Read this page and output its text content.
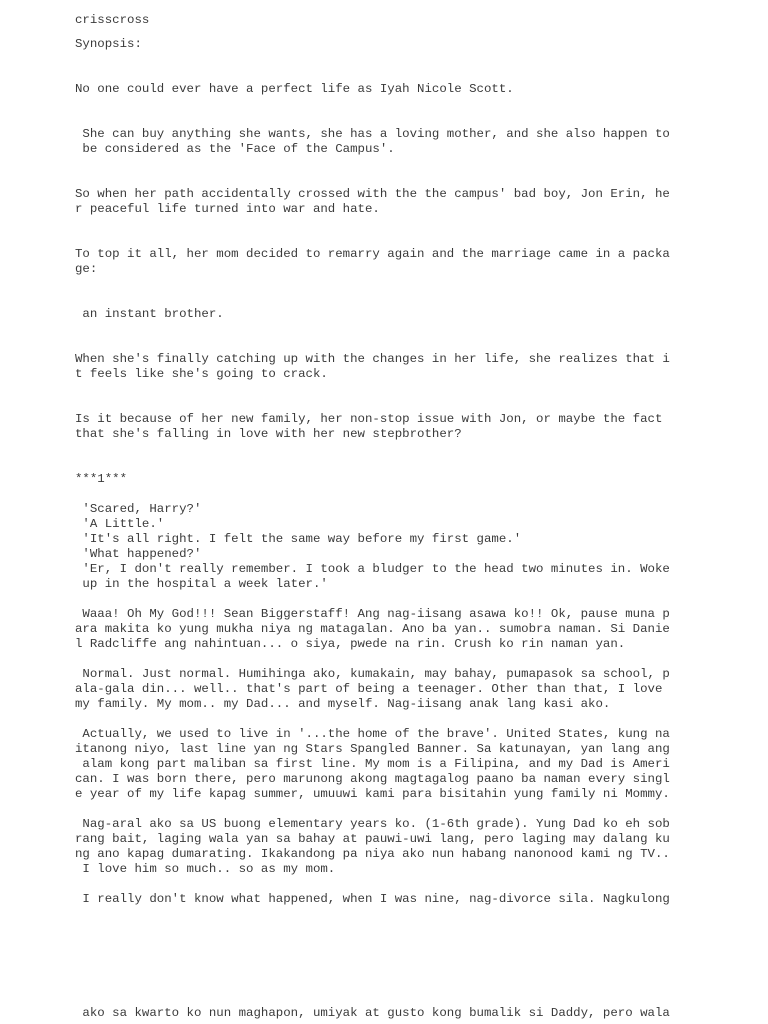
crisscross
Synopsis:
No one could ever have a perfect life as Iyah Nicole Scott.
She can buy anything she wants, she has a loving mother, and she also happen to
be considered as the 'Face of the Campus'.
So when her path accidentally crossed with the the campus' bad boy, Jon Erin, he
r peaceful life turned into war and hate.
To top it all, her mom decided to remarry again and the marriage came in a packa
ge:
an instant brother.
When she's finally catching up with the changes in her life, she realizes that i
t feels like she's going to crack.
Is it because of her new family, her non-stop issue with Jon, or maybe the fact
that she's falling in love with her new stepbrother?
***1***
'Scared, Harry?'
'A Little.'
'It's all right. I felt the same way before my first game.'
'What happened?'
'Er, I don't really remember. I took a bludger to the head two minutes in. Woke
up in the hospital a week later.'
Waaa! Oh My God!!! Sean Biggerstaff! Ang nag-iisang asawa ko!! Ok, pause muna p
ara makita ko yung mukha niya ng matagalan. Ano ba yan.. sumobra naman. Si Danie
l Radcliffe ang nahintuan... o siya, pwede na rin. Crush ko rin naman yan.
Normal. Just normal. Humihinga ako, kumakain, may bahay, pumapasok sa school, p
ala-gala din... well.. that's part of being a teenager. Other than that, I love
my family. My mom.. my Dad... and myself. Nag-iisang anak lang kasi ako.
Actually, we used to live in '...the home of the brave'. United States, kung na
itanong niyo, last line yan ng Stars Spangled Banner. Sa katunayan, yan lang ang
alam kong part maliban sa first line. My mom is a Filipina, and my Dad is Ameri
can. I was born there, pero marunong akong magtagalog paano ba naman every singl
e year of my life kapag summer, umuuwi kami para bisitahin yung family ni Mommy.
Nag-aral ako sa US buong elementary years ko. (1-6th grade). Yung Dad ko eh sob
rang bait, laging wala yan sa bahay at pauwi-uwi lang, pero laging may dalang ku
ng ano kapag dumarating. Ikakandong pa niya ako nun habang nanonood kami ng TV..
I love him so much.. so as my mom.
I really don't know what happened, when I was nine, nag-divorce sila. Nagkulong
ako sa kwarto ko nun maghapon, umiyak at gusto kong bumalik si Daddy, pero wala
